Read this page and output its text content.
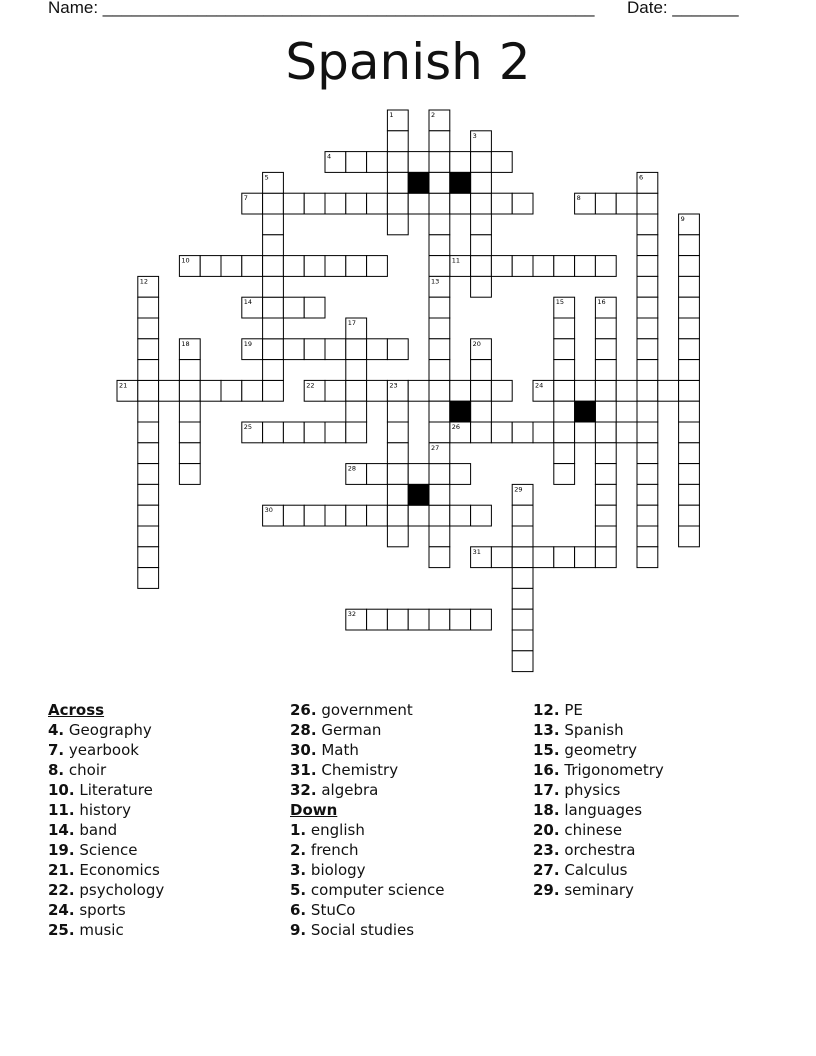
Name: ____________________________________________________ Date: _______
Spanish 2
1	2
3
4
5	6
7	8
9
10	11
12	13
14	15	16
17
18	19	20
21	22	23	24
25	26
27
28
29
30
31
32
Across
4. Geography
7. yearbook
8. choir
10. Literature
11. history
14. band
19. Science
21. Economics
22. psychology
24. sports
25. music
26. government
28. German
30. Math
31. Chemistry
32. algebra
Down
1. english
2. french
3. biology
5. computer science
6. StuCo
9. Social studies
12. PE
13. Spanish
15. geometry
16. Trigonometry
17. physics
18. languages
20. chinese
23. orchestra
27. Calculus
29. seminary
